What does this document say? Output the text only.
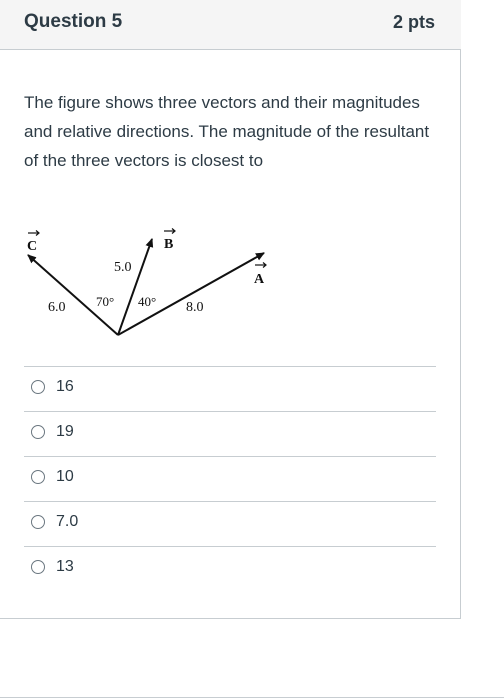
Question 5	2 pts
The figure shows three vectors and their magnitudes and relative directions. The magnitude of the resultant of the three vectors is closest to
C	B
A
6.0
5.0
8.0
70° 40°
16
19
10
7.0
13
